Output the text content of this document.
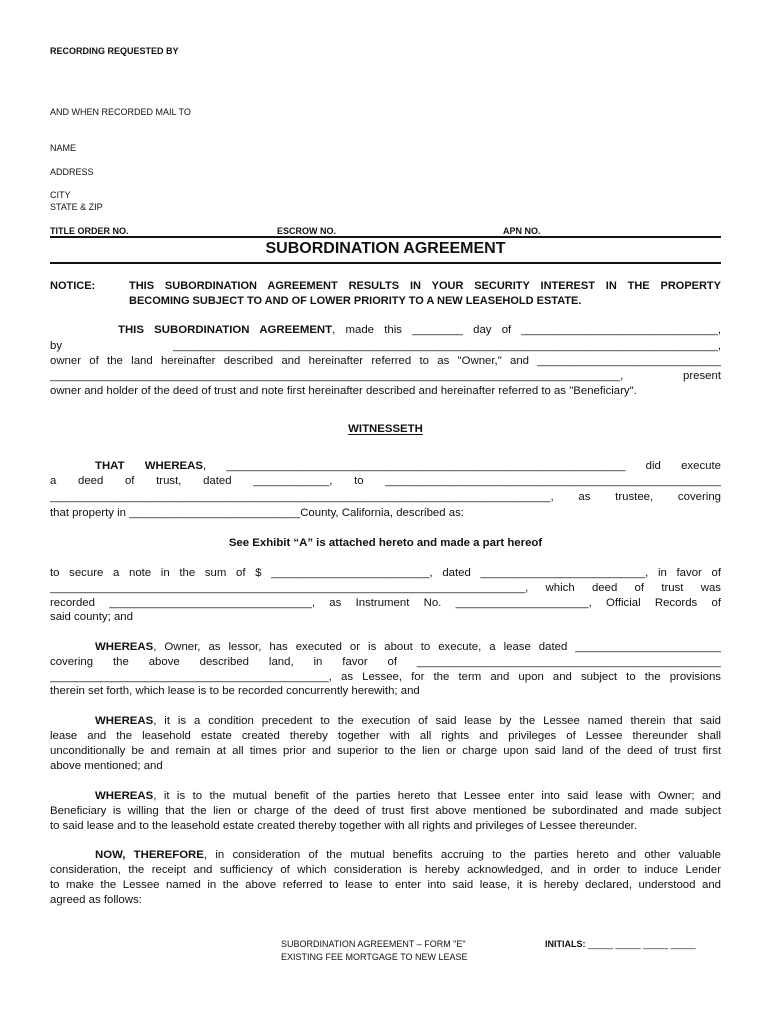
RECORDING REQUESTED BY
AND WHEN RECORDED MAIL TO
NAME
ADDRESS
CITY
STATE & ZIP
TITLE ORDER NO.	ESCROW NO.	APN NO.
SUBORDINATION AGREEMENT
NOTICE:	THIS SUBORDINATION AGREEMENT RESULTS IN YOUR SECURITY INTEREST IN THE PROPERTY
BECOMING SUBJECT TO AND OF LOWER PRIORITY TO A NEW LEASEHOLD ESTATE.
THIS SUBORDINATION AGREEMENT, made this ________ day of _______________________________,
by ______________________________________________________________________________________,
owner of the land hereinafter described and hereinafter referred to as "Owner," and _____________________________
__________________________________________________________________________________________, present
owner and holder of the deed of trust and note first hereinafter described and hereinafter referred to as "Beneficiary".
WITNESSETH
THAT WHEREAS, _______________________________________________________________ did execute
a deed of trust, dated ____________, to _____________________________________________________
_______________________________________________________________________________, as trustee, covering
that property in ___________________________County, California, described as:
See Exhibit “A” is attached hereto and made a part hereof
to secure a note in the sum of $ _________________________, dated __________________________, in favor of
___________________________________________________________________________, which deed of trust was
recorded ________________________________, as Instrument No. _____________________, Official Records of
said county; and
WHEREAS, Owner, as lessor, has executed or is about to execute, a lease dated _______________________
covering the above described land, in favor of ________________________________________________
____________________________________________, as Lessee, for the term and upon and subject to the provisions
therein set forth, which lease is to be recorded concurrently herewith; and
WHEREAS, it is a condition precedent to the execution of said lease by the Lessee named therein that said
lease and the leasehold estate created thereby together with all rights and privileges of Lessee thereunder shall
unconditionally be and remain at all times prior and superior to the lien or charge upon said land of the deed of trust first
above mentioned; and
WHEREAS, it is to the mutual benefit of the parties hereto that Lessee enter into said lease with Owner; and
Beneficiary is willing that the lien or charge of the deed of trust first above mentioned be subordinated and made subject
to said lease and to the leasehold estate created thereby together with all rights and privileges of Lessee thereunder.
NOW, THEREFORE, in consideration of the mutual benefits accruing to the parties hereto and other valuable
consideration, the receipt and sufficiency of which consideration is hereby acknowledged, and in order to induce Lender
to make the Lessee named in the above referred to lease to enter into said lease, it is hereby declared, understood and
agreed as follows:
SUBORDINATION AGREEMENT – FORM "E"
EXISTING FEE MORTGAGE TO NEW LEASE
INITIALS: _____ _____ _____ _____
